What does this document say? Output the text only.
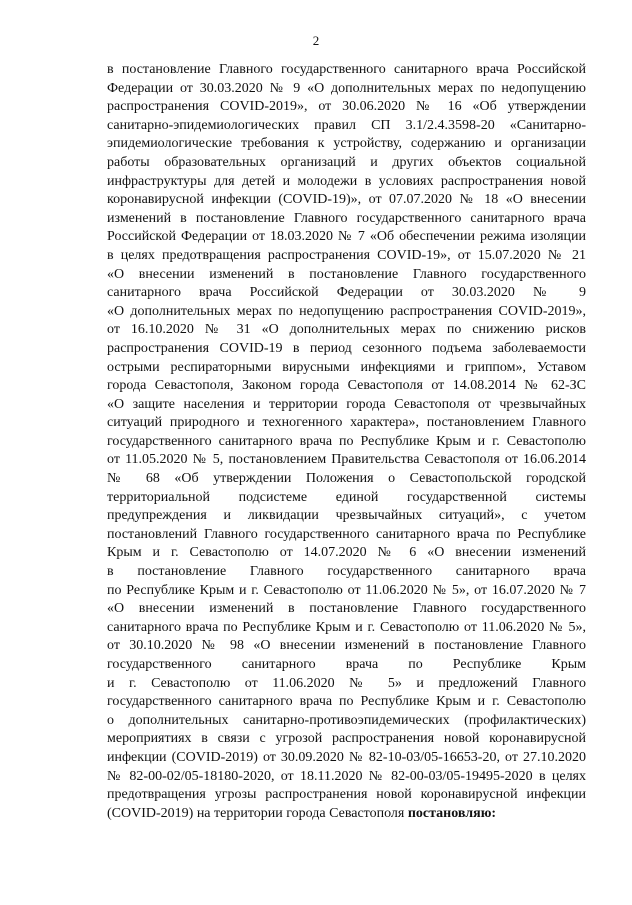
2
в постановление Главного государственного санитарного врача Российской
Федерации от 30.03.2020 № 9 «О дополнительных мерах по недопущению
распространения COVID-2019», от 30.06.2020 № 16 «Об утверждении
санитарно-эпидемиологических правил СП 3.1/2.4.3598-20 «Санитарно-
эпидемиологические требования к устройству, содержанию и организации
работы образовательных организаций и других объектов социальной
инфраструктуры для детей и молодежи в условиях распространения новой
коронавирусной инфекции (COVID-19)», от 07.07.2020 № 18 «О внесении
изменений в постановление Главного государственного санитарного врача
Российской Федерации от 18.03.2020 № 7 «Об обеспечении режима изоляции
в целях предотвращения распространения COVID-19», от 15.07.2020 № 21
«О внесении изменений в постановление Главного государственного
санитарного врача Российской Федерации от 30.03.2020 № 9
«О дополнительных мерах по недопущению распространения COVID-2019»,
от 16.10.2020 № 31 «О дополнительных мерах по снижению рисков
распространения COVID-19 в период сезонного подъема заболеваемости
острыми респираторными вирусными инфекциями и гриппом», Уставом
города Севастополя, Законом города Севастополя от 14.08.2014 № 62-ЗС
«О защите населения и территории города Севастополя от чрезвычайных
ситуаций природного и техногенного характера», постановлением Главного
государственного санитарного врача по Республике Крым и г. Севастополю
от 11.05.2020 № 5, постановлением Правительства Севастополя от 16.06.2014
№ 68 «Об утверждении Положения о Севастопольской городской
территориальной подсистеме единой государственной системы
предупреждения и ликвидации чрезвычайных ситуаций», с учетом
постановлений Главного государственного санитарного врача по Республике
Крым и г. Севастополю от 14.07.2020 № 6 «О внесении изменений
в постановление Главного государственного санитарного врача
по Республике Крым и г. Севастополю от 11.06.2020 № 5», от 16.07.2020 № 7
«О внесении изменений в постановление Главного государственного
санитарного врача по Республике Крым и г. Севастополю от 11.06.2020 № 5»,
от 30.10.2020 № 98 «О внесении изменений в постановление Главного
государственного санитарного врача по Республике Крым
и г. Севастополю от 11.06.2020 № 5» и предложений Главного
государственного санитарного врача по Республике Крым и г. Севастополю
о дополнительных санитарно-противоэпидемических (профилактических)
мероприятиях в связи с угрозой распространения новой коронавирусной
инфекции (COVID-2019) от 30.09.2020 № 82-10-03/05-16653-20, от 27.10.2020
№ 82-00-02/05-18180-2020, от 18.11.2020 № 82-00-03/05-19495-2020 в целях
предотвращения угрозы распространения новой коронавирусной инфекции
(COVID-2019) на территории города Севастополя постановляю:
